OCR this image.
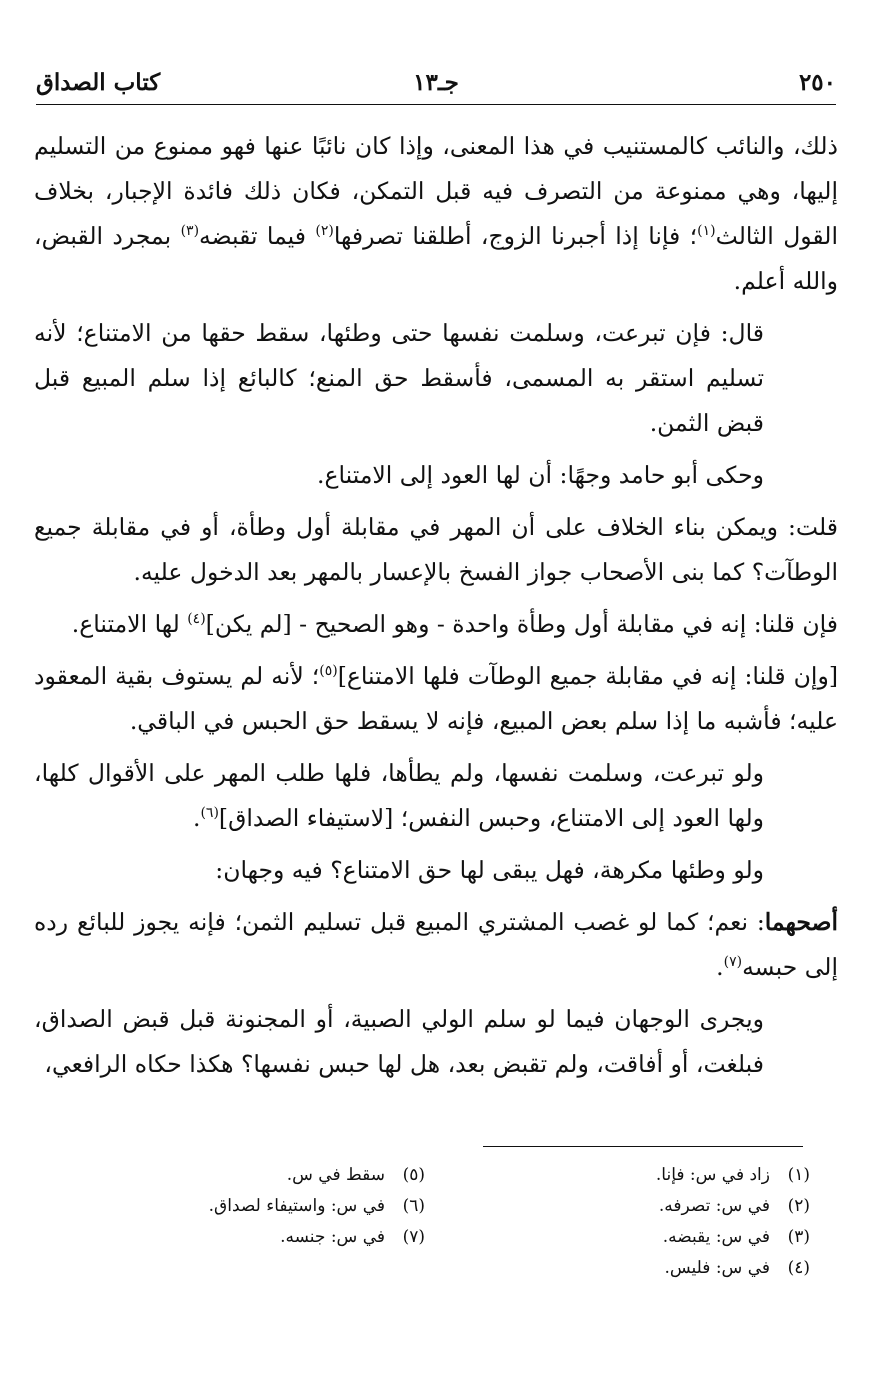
٢٥٠
جـ١٣
كتاب الصداق

ذلك، والنائب كالمستنيب في هذا المعنى، وإذا كان نائبًا عنها فهو ممنوع من التسليم إليها، وهي ممنوعة من التصرف فيه قبل التمكن، فكان ذلك فائدة الإجبار، بخلاف القول الثالث$^{(١)}$؛ فإنا إذا أجبرنا الزوج، أطلقنا تصرفها$^{(٢)}$ فيما تقبضه$^{(٣)}$ بمجرد القبض، والله أعلم.

قال: فإن تبرعت، وسلمت نفسها حتى وطئها، سقط حقها من الامتناع؛ لأنه تسليم استقر به المسمى، فأسقط حق المنع؛ كالبائع إذا سلم المبيع قبل قبض الثمن.

وحكى أبو حامد وجهًا: أن لها العود إلى الامتناع.

قلت: ويمكن بناء الخلاف على أن المهر في مقابلة أول وطأة، أو في مقابلة جميع الوطآت؟ كما بنى الأصحاب جواز الفسخ بالإعسار بالمهر بعد الدخول عليه.

فإن قلنا: إنه في مقابلة أول وطأة واحدة - وهو الصحيح - [لم يكن]$^{(٤)}$ لها الامتناع.

[وإن قلنا: إنه في مقابلة جميع الوطآت فلها الامتناع]$^{(٥)}$؛ لأنه لم يستوف بقية المعقود عليه؛ فأشبه ما إذا سلم بعض المبيع، فإنه لا يسقط حق الحبس في الباقي.

ولو تبرعت، وسلمت نفسها، ولم يطأها، فلها طلب المهر على الأقوال كلها، ولها العود إلى الامتناع، وحبس النفس؛ [لاستيفاء الصداق]$^{(٦)}$.

ولو وطئها مكرهة، فهل يبقى لها حق الامتناع؟ فيه وجهان:

أصحهما: نعم؛ كما لو غصب المشتري المبيع قبل تسليم الثمن؛ فإنه يجوز للبائع رده إلى حبسه$^{(٧)}$.

ويجرى الوجهان فيما لو سلم الولي الصبية، أو المجنونة قبل قبض الصداق، فبلغت، أو أفاقت، ولم تقبض بعد، هل لها حبس نفسها؟ هكذا حكاه الرافعي،

(١)زاد في س: فإنا.
(٢)في س: تصرفه.
(٣)في س: يقبضه.
(٤)في س: فليس.
(٥)سقط في س.
(٦)في س: واستيفاء لصداق.
(٧)في س: جنسه.
